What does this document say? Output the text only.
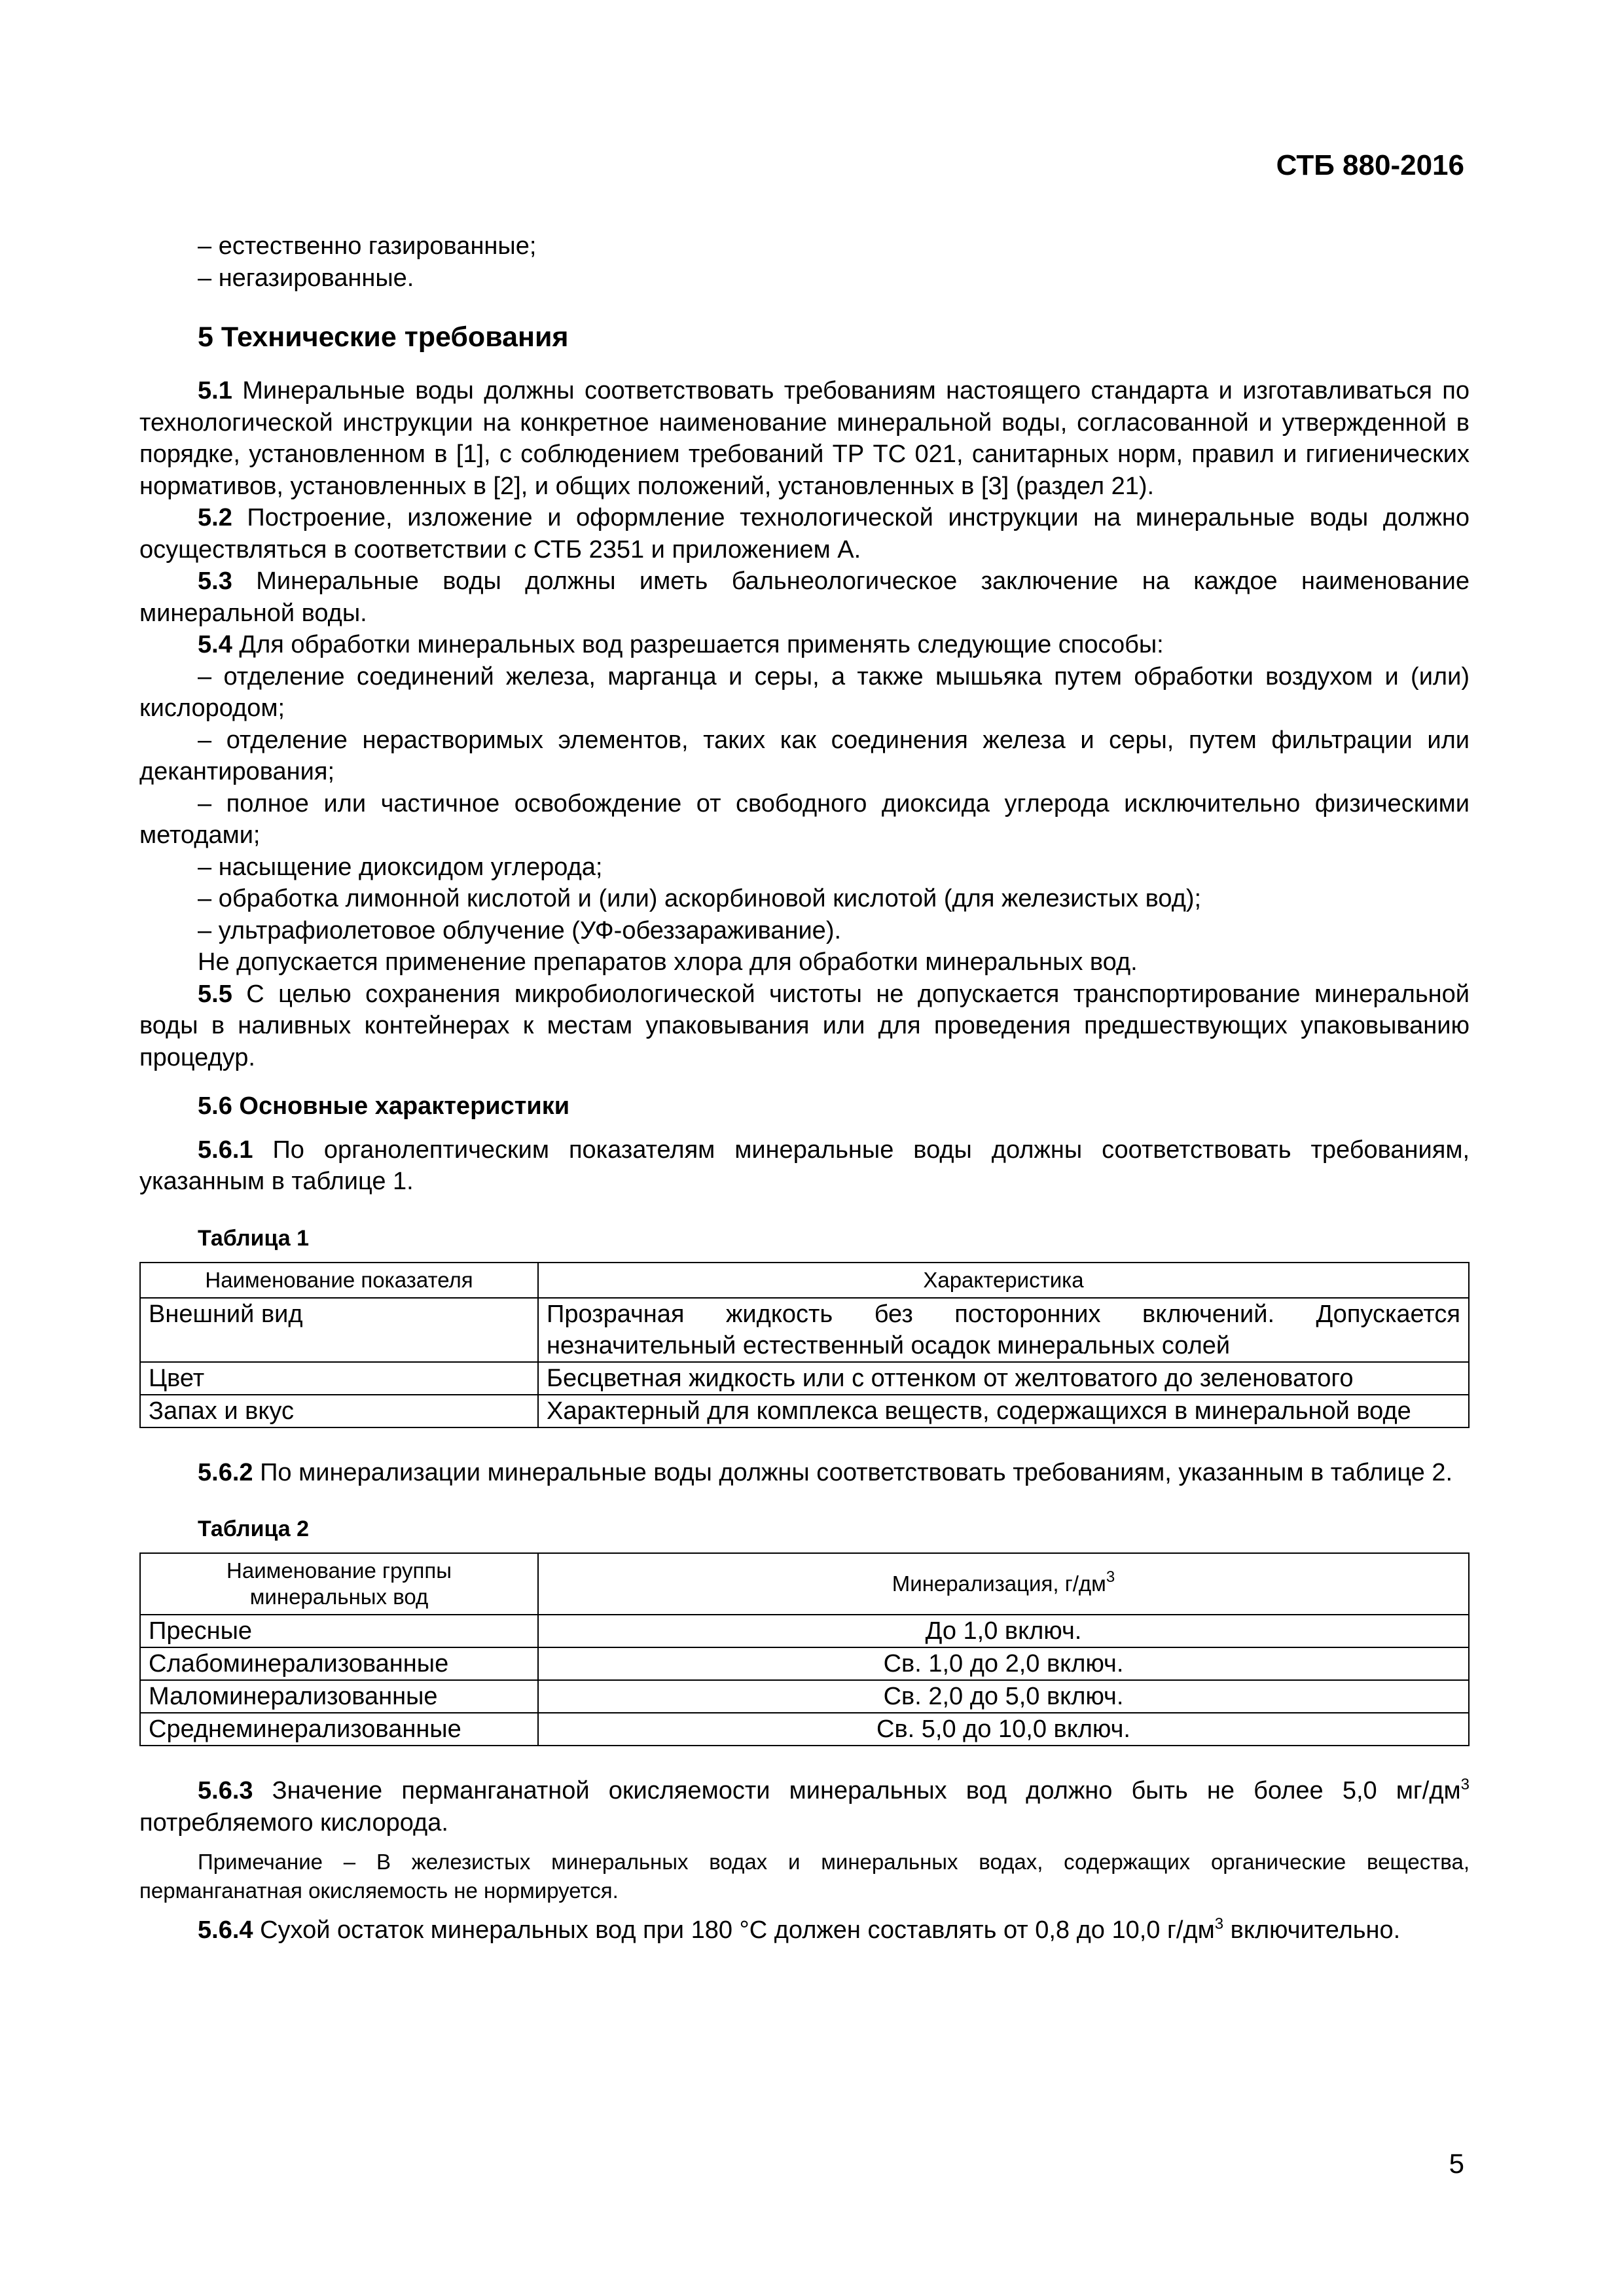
СТБ 880-2016

– естественно газированные;

– негазированные.

5 Технические требования

5.1 Минеральные воды должны соответствовать требованиям настоящего стандарта и изготавливаться по технологической инструкции на конкретное наименование минеральной воды, согласованной и утвержденной в порядке, установленном в [1], с соблюдением требований ТР ТС 021, санитарных норм, правил и гигиенических нормативов, установленных в [2], и общих положений, установленных в [3] (раздел 21).

5.2 Построение, изложение и оформление технологической инструкции на минеральные воды должно осуществляться в соответствии с СТБ 2351 и приложением А.

5.3 Минеральные воды должны иметь бальнеологическое заключение на каждое наименование минеральной воды.

5.4 Для обработки минеральных вод разрешается применять следующие способы:

– отделение соединений железа, марганца и серы, а также мышьяка путем обработки воздухом и (или) кислородом;

– отделение нерастворимых элементов, таких как соединения железа и серы, путем фильтрации или декантирования;

– полное или частичное освобождение от свободного диоксида углерода исключительно физическими методами;

– насыщение диоксидом углерода;

– обработка лимонной кислотой и (или) аскорбиновой кислотой (для железистых вод);

– ультрафиолетовое облучение (УФ-обеззараживание).

Не допускается применение препаратов хлора для обработки минеральных вод.

5.5 С целью сохранения микробиологической чистоты не допускается транспортирование минеральной воды в наливных контейнерах к местам упаковывания или для проведения предшествующих упаковыванию процедур.

5.6 Основные характеристики

5.6.1 По органолептическим показателям минеральные воды должны соответствовать требованиям, указанным в таблице 1.

Таблица 1

Наименование показателя	Характеристика
Внешний вид	Прозрачная жидкость без посторонних включений. Допускается незначительный естественный осадок минеральных солей
Цвет	Бесцветная жидкость или с оттенком от желтоватого до зеленоватого
Запах и вкус	Характерный для комплекса веществ, содержащихся в минеральной воде

5.6.2 По минерализации минеральные воды должны соответствовать требованиям, указанным в таблице 2.

Таблица 2

Наименование группы
минеральных вод	Минерализация, $г/дм^3$
Пресные	До 1,0 включ.
Слабоминерализованные	Св. 1,0 до 2,0 включ.
Маломинерализованные	Св. 2,0 до 5,0 включ.
Среднеминерализованные	Св. 5,0 до 10,0 включ.

5.6.3 Значение перманганатной окисляемости минеральных вод должно быть не более 5,0 $мг/дм^3$ потребляемого кислорода.

Примечание – В железистых минеральных водах и минеральных водах, содержащих органические вещества, перманганатная окисляемость не нормируется.

5.6.4 Сухой остаток минеральных вод при 180 °С должен составлять от 0,8 до 10,0 $г/дм^3$ включительно.

5
